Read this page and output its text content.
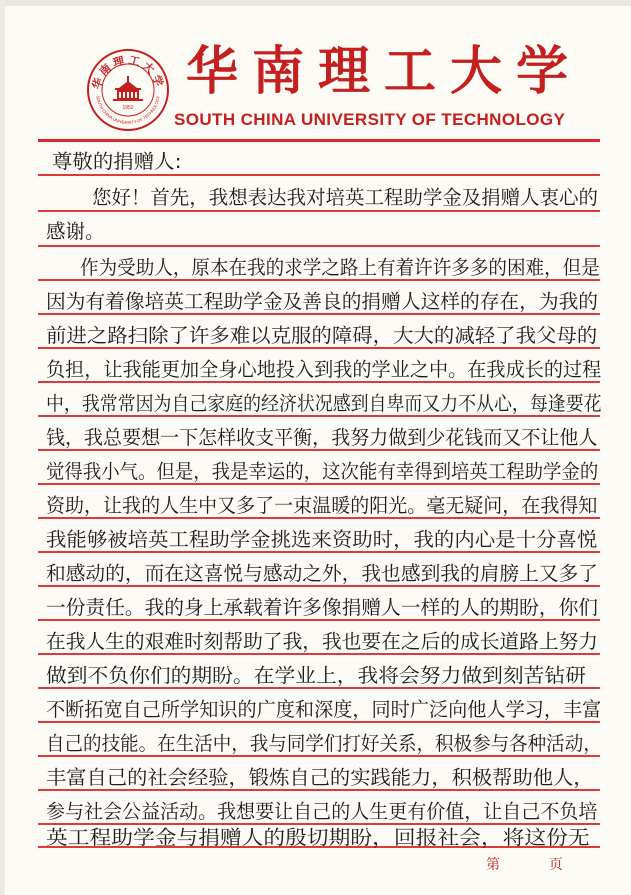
华南理工大学
SOUTH CHINA UNIVERSITY OF TECHNOLOGY
1952
华南理工大学
SOUTH CHINA UNIVERSITY OF TECHNOLOGY
尊敬的捐赠人:
您好！首先，我想表达我对培英工程助学金及捐赠人衷心的
感谢。
作为受助人，原本在我的求学之路上有着许许多多的困难，但是
因为有着像培英工程助学金及善良的捐赠人这样的存在，为我的
前进之路扫除了许多难以克服的障碍，大大的减轻了我父母的
负担，让我能更加全身心地投入到我的学业之中。在我成长的过程
中，我常常因为自己家庭的经济状况感到自卑而又力不从心，每逢要花
钱，我总要想一下怎样收支平衡，我努力做到少花钱而又不让他人
觉得我小气。但是，我是幸运的，这次能有幸得到培英工程助学金的
资助，让我的人生中又多了一束温暖的阳光。毫无疑问，在我得知
我能够被培英工程助学金挑选来资助时，我的内心是十分喜悦
和感动的，而在这喜悦与感动之外，我也感到我的肩膀上又多了
一份责任。我的身上承载着许多像捐赠人一样的人的期盼，你们
在我人生的艰难时刻帮助了我，我也要在之后的成长道路上努力
做到不负你们的期盼。在学业上，我将会努力做到刻苦钻研
不断拓宽自己所学知识的广度和深度，同时广泛向他人学习，丰富
自己的技能。在生活中，我与同学们打好关系，积极参与各种活动，
丰富自己的社会经验，锻炼自己的实践能力，积极帮助他人，
参与社会公益活动。我想要让自己的人生更有价值，让自己不负培
英工程助学金与捐赠人的殷切期盼，回报社会，将这份无
第	页
